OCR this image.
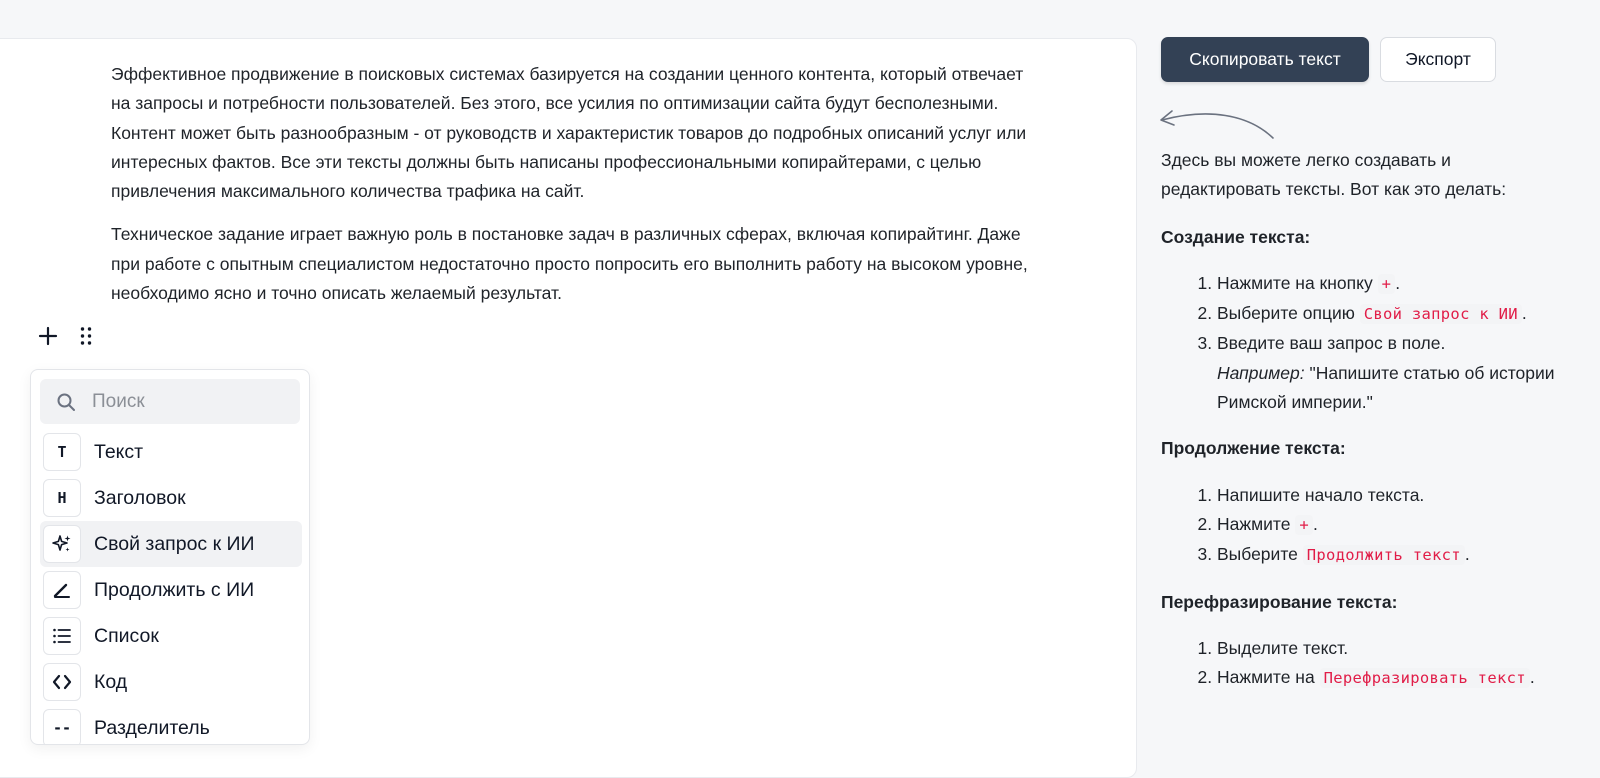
Эффективное продвижение в поисковых системах базируется на создании ценного контента, который отвечает на запросы и потребности пользователей. Без этого, все усилия по оптимизации сайта будут бесполезными. Контент может быть разнообразным - от руководств и характеристик товаров до подробных описаний услуг или интересных фактов. Все эти тексты должны быть написаны профессиональными копирайтерами, с целью привлечения максимального количества трафика на сайт.

Техническое задание играет важную роль в постановке задач в различных сферах, включая копирайтинг. Даже при работе с опытным специалистом недостаточно просто попросить его выполнить работу на высоком уровне, необходимо ясно и точно описать желаемый результат.

Поиск
T	Текст
H	Заголовок
Свой запрос к ИИ
Продолжить с ИИ
Список
Код
--	Разделитель
Скопировать текст	Экспорт

Здесь вы можете легко создавать и редактировать тексты. Вот как это делать:

Создание текста:
1. Нажмите на кнопку + .
2. Выберите опцию Свой запрос к ИИ .
3. Введите ваш запрос в поле.
Например: "Напишите статью об истории Римской империи."
Продолжение текста:
1. Напишите начало текста.
2. Нажмите + .
3. Выберите Продолжить текст .
Перефразирование текста:
1. Выделите текст.
2. Нажмите на Перефразировать текст .
